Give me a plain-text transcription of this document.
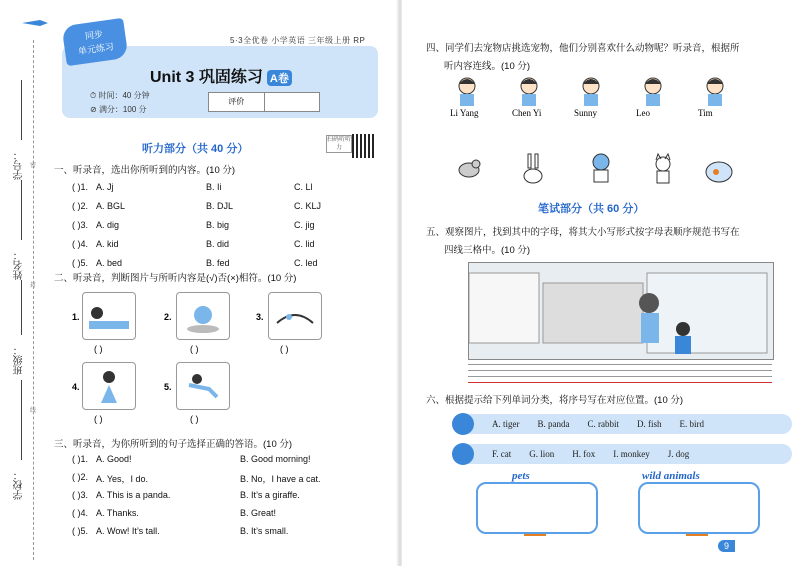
学号：
姓名：
班级：
学校：
密
封
线
同步
单元练习
5·3全优卷 小学英语 三年级上册 RP
Unit 3 巩固练习 A卷
⏱ 时间：40 分钟
⊘ 满分：100 分
评价
听力部分（共 40 分）
扫码听听力
一、听录音，选出你所听到的内容。(10 分)
( )1. A. Jj	B. Ii	C. Ll
( )2. A. BGL	B. DJL	C. KLJ
( )3. A. dig	B. big	C. jig
( )4. A. kid	B. did	C. lid
( )5. A. bed	B. fed	C. led
二、听录音，判断图片与所听内容是(√)否(×)相符。(10 分)
1.
( )
2.
( )
3.
( )
4.
( )
5.
( )
三、听录音，为你所听到的句子选择正确的答语。(10 分)
( )1. A. Good!	B. Good morning!
( )2. A. Yes，I do.	B. No，I have a cat.
( )3. A. This is a panda.	B. It’s a giraffe.
( )4. A. Thanks.	B. Great!
( )5. A. Wow! It’s tall.	B. It’s small.
四、同学们去宠物店挑选宠物，他们分别喜欢什么动物呢？听录音，根据所
听内容连线。(10 分)
Li Yang	Chen Yi	Sunny	Leo	Tim
笔试部分（共 60 分）
五、观察图片，找到其中的字母，将其大小写形式按字母表顺序规范书写在
四线三格中。(10 分)
六、根据提示给下列单词分类，将序号写在对应位置。(10 分)
A. tiger B. panda C. rabbit D. fish E. bird
F. cat G. lion H. fox I. monkey J. dog
pets	wild animals
9
